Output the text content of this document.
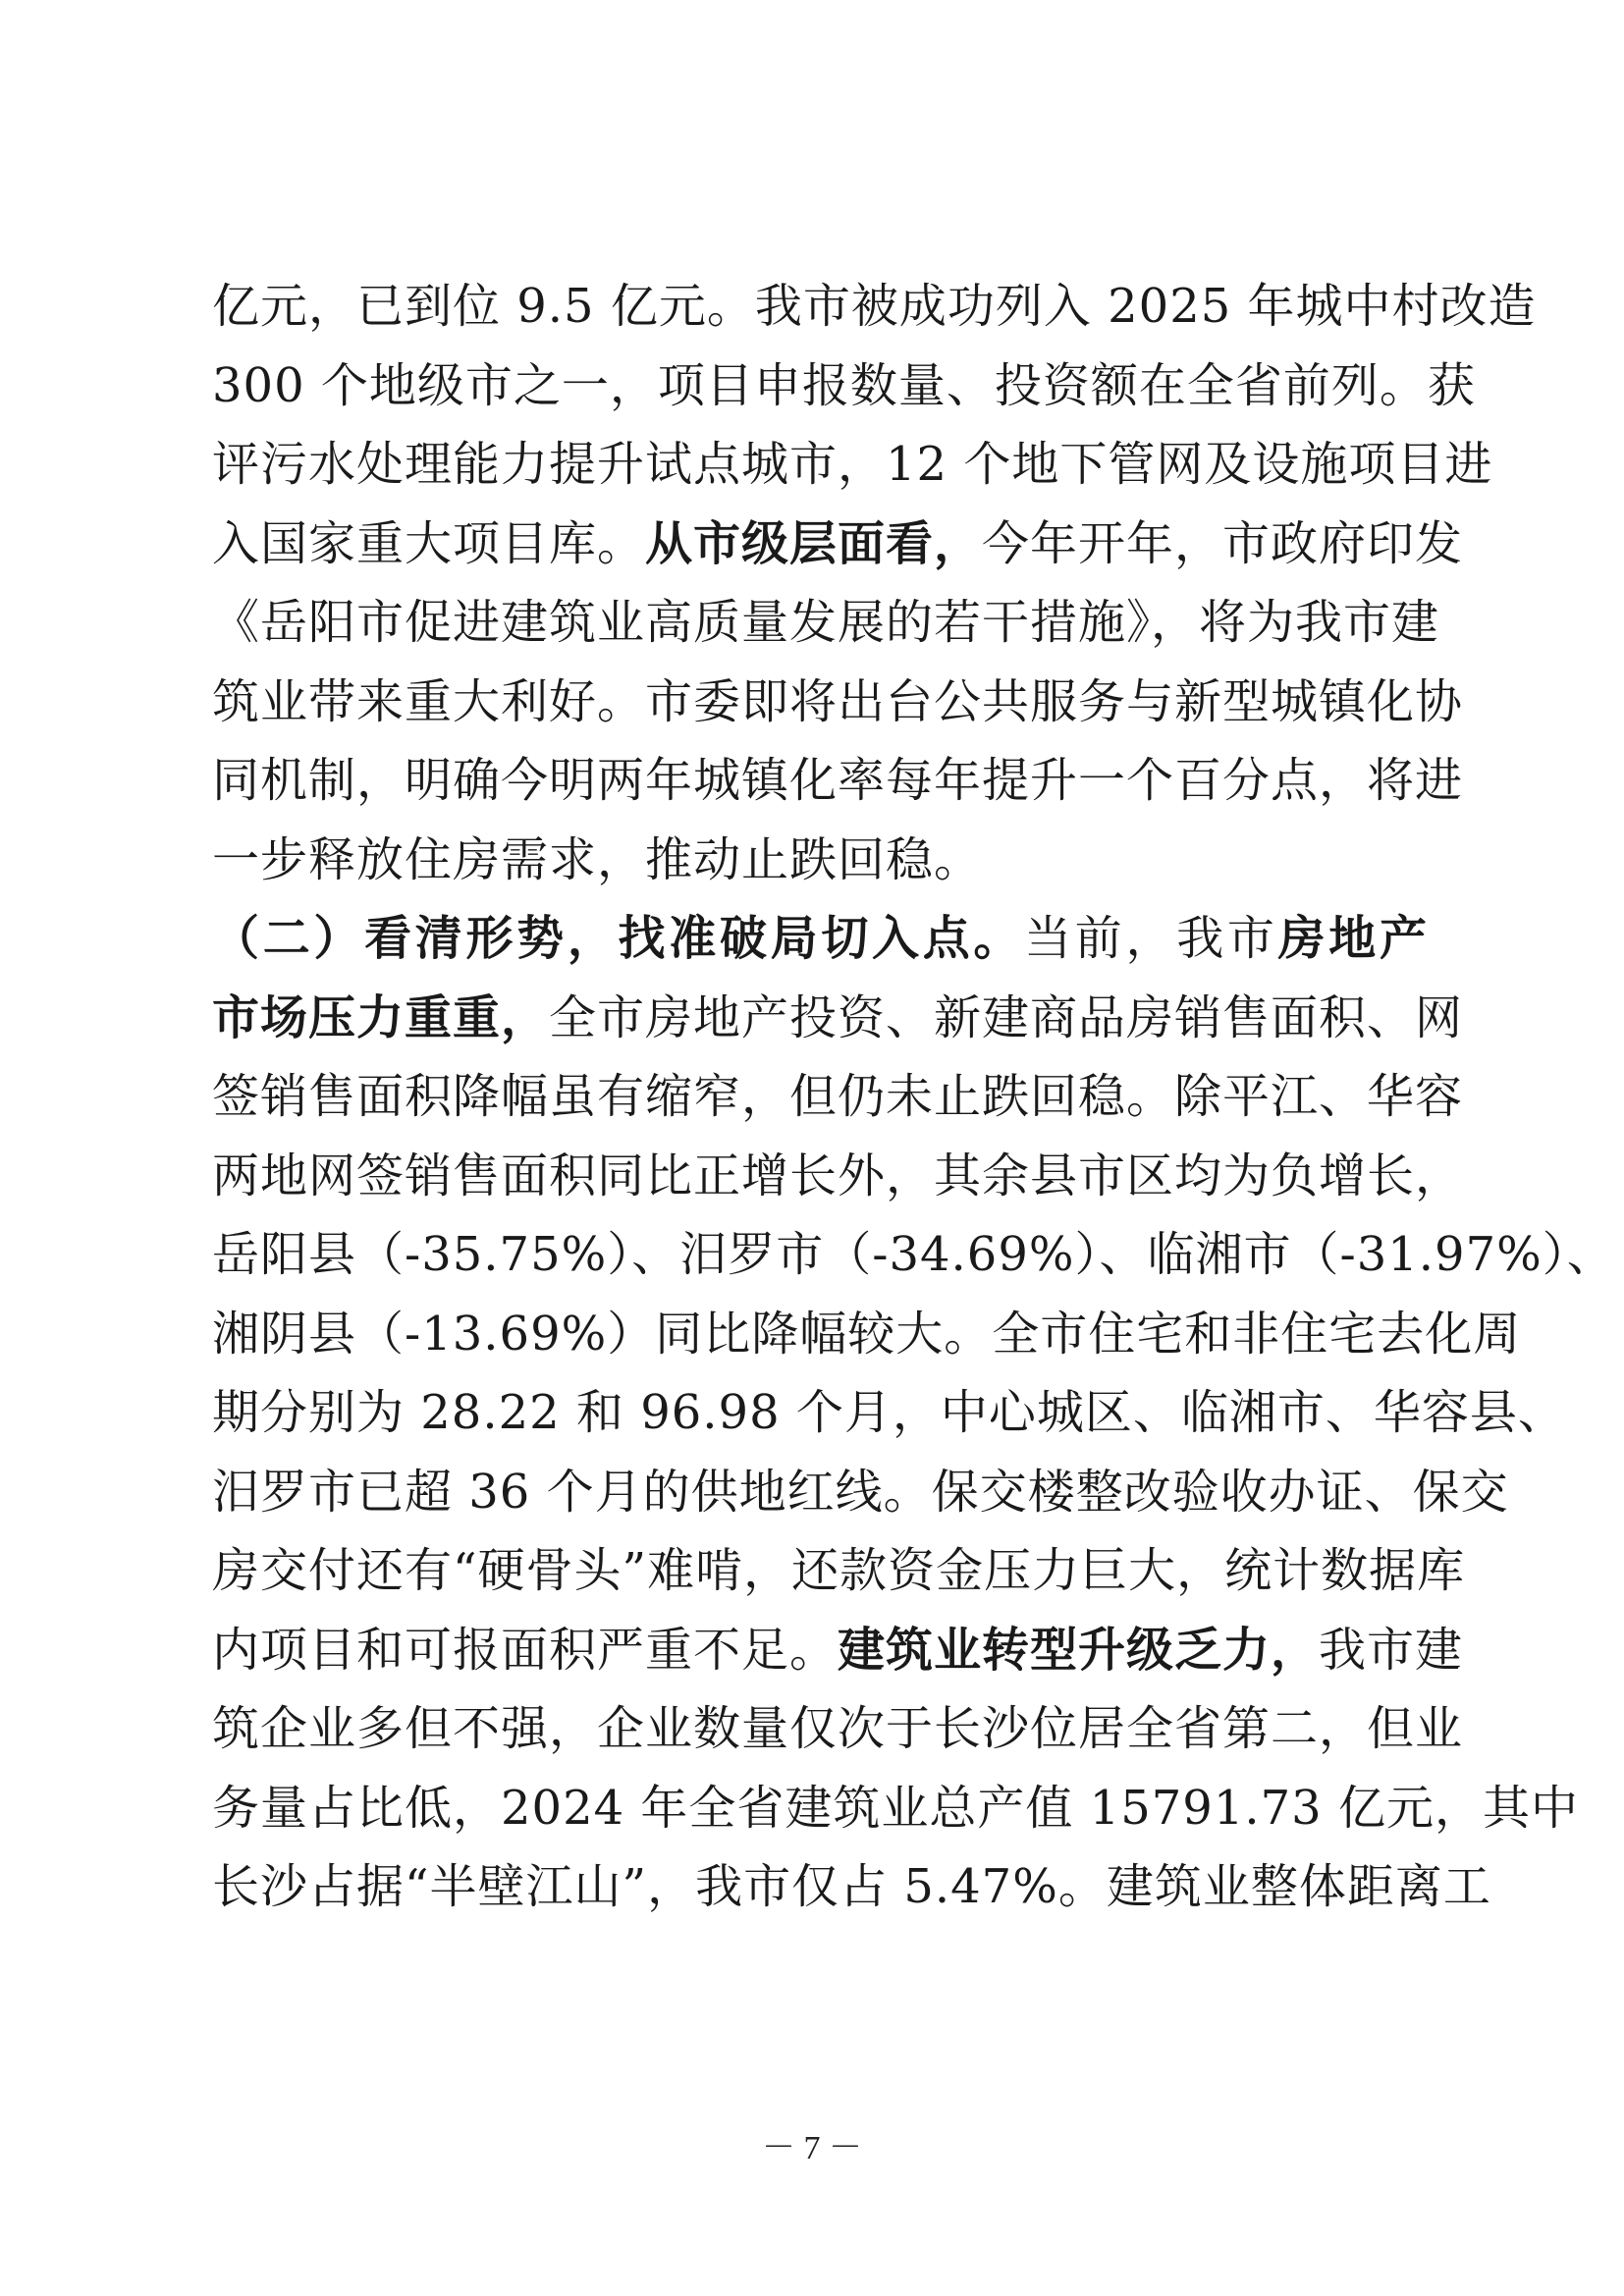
亿元，已到位 9.5 亿元。我市被成功列入 2025 年城中村改造
300 个地级市之一，项目申报数量、投资额在全省前列。获
评污水处理能力提升试点城市，12 个地下管网及设施项目进
入国家重大项目库。从市级层面看，今年开年，市政府印发
《岳阳市促进建筑业高质量发展的若干措施》，将为我市建
筑业带来重大利好。市委即将出台公共服务与新型城镇化协
同机制，明确今明两年城镇化率每年提升一个百分点，将进
一步释放住房需求，推动止跌回稳。
（二）看清形势，找准破局切入点。当前，我市房地产
市场压力重重，全市房地产投资、新建商品房销售面积、网
签销售面积降幅虽有缩窄，但仍未止跌回稳。除平江、华容
两地网签销售面积同比正增长外，其余县市区均为负增长，
岳阳县（-35.75%）、汨罗市（-34.69%）、临湘市（-31.97%）、
湘阴县（-13.69%）同比降幅较大。全市住宅和非住宅去化周
期分别为 28.22 和 96.98 个月，中心城区、临湘市、华容县、
汨罗市已超 36 个月的供地红线。保交楼整改验收办证、保交
房交付还有“硬骨头”难啃，还款资金压力巨大，统计数据库
内项目和可报面积严重不足。建筑业转型升级乏力，我市建
筑企业多但不强，企业数量仅次于长沙位居全省第二，但业
务量占比低，2024 年全省建筑业总产值 15791.73 亿元，其中
长沙占据“半壁江山”，我市仅占 5.47%。建筑业整体距离工
－ 7 －
